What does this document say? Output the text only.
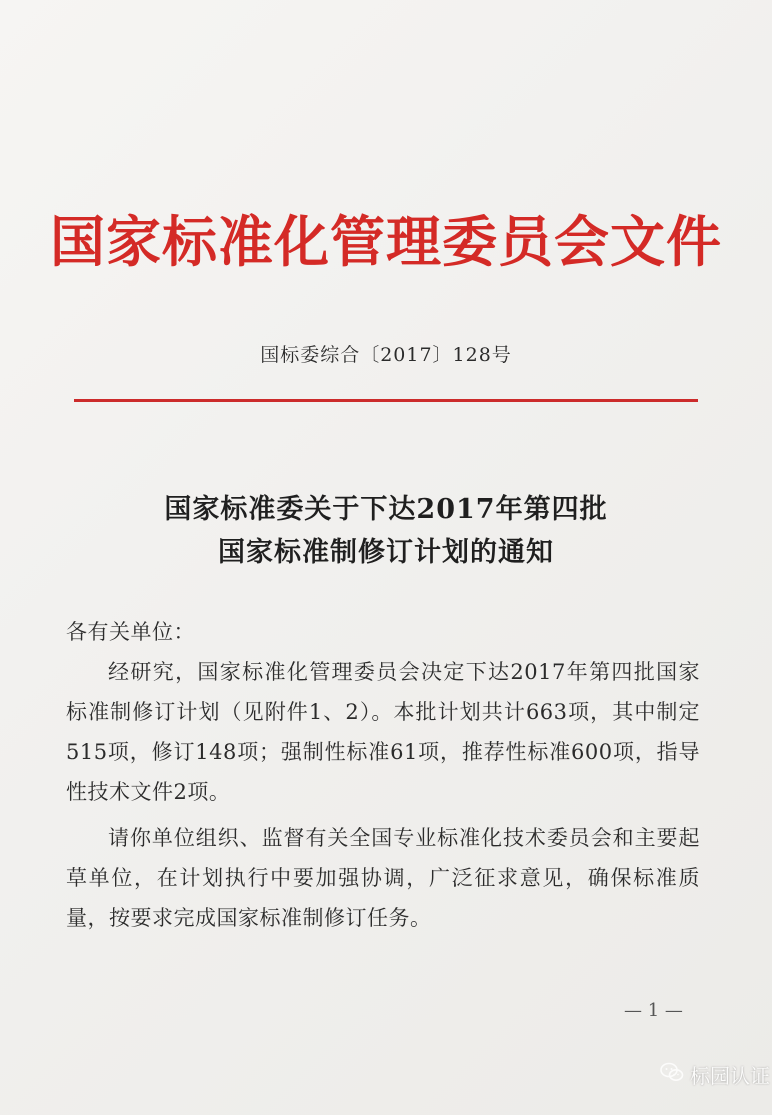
国家标准化管理委员会文件
国标委综合〔2017〕128号
国家标准委关于下达2017年第四批
国家标准制修订计划的通知
各有关单位：

经研究，国家标准化管理委员会决定下达2017年第四批国家标准制修订计划（见附件1、2）。本批计划共计663项，其中制定515项，修订148项；强制性标准61项，推荐性标准600项，指导性技术文件2项。

请你单位组织、监督有关全国专业标准化技术委员会和主要起草单位，在计划执行中要加强协调，广泛征求意见，确保标准质量，按要求完成国家标准制修订任务。

— 1 —
标园认证
